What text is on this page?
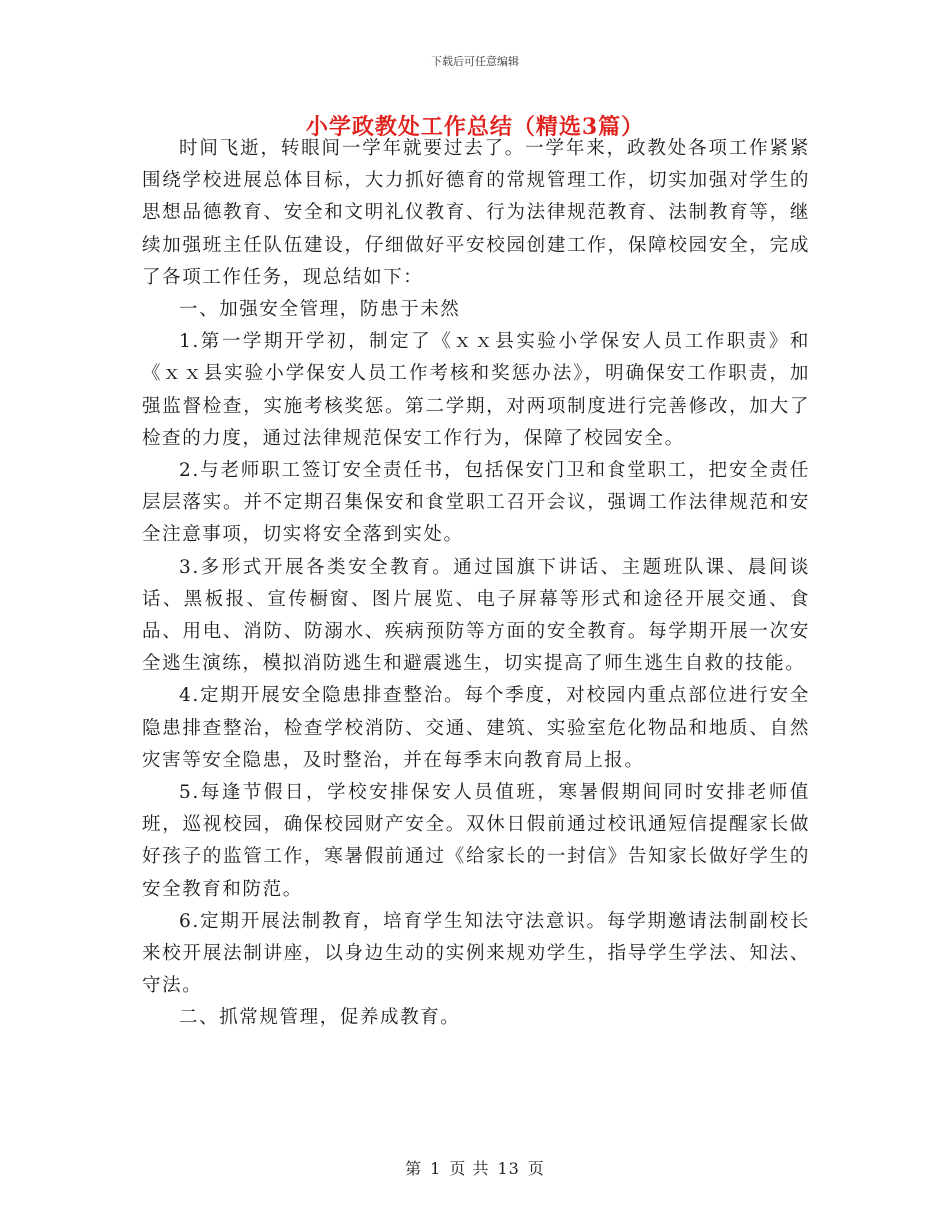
下载后可任意编辑
小学政教处工作总结（精选3篇）

时间飞逝，转眼间一学年就要过去了。一学年来，政教处各项工作紧紧围绕学校进展总体目标，大力抓好德育的常规管理工作，切实加强对学生的思想品德教育、安全和文明礼仪教育、行为法律规范教育、法制教育等，继续加强班主任队伍建设，仔细做好平安校园创建工作，保障校园安全，完成了各项工作任务，现总结如下：

一、加强安全管理，防患于未然

1.第一学期开学初，制定了《ｘｘ县实验小学保安人员工作职责》和《ｘｘ县实验小学保安人员工作考核和奖惩办法》，明确保安工作职责，加强监督检查，实施考核奖惩。第二学期，对两项制度进行完善修改，加大了检查的力度，通过法律规范保安工作行为，保障了校园安全。

2.与老师职工签订安全责任书，包括保安门卫和食堂职工，把安全责任层层落实。并不定期召集保安和食堂职工召开会议，强调工作法律规范和安全注意事项，切实将安全落到实处。

3.多形式开展各类安全教育。通过国旗下讲话、主题班队课、晨间谈话、黑板报、宣传橱窗、图片展览、电子屏幕等形式和途径开展交通、食品、用电、消防、防溺水、疾病预防等方面的安全教育。每学期开展一次安全逃生演练，模拟消防逃生和避震逃生，切实提高了师生逃生自救的技能。

4.定期开展安全隐患排查整治。每个季度，对校园内重点部位进行安全隐患排查整治，检查学校消防、交通、建筑、实验室危化物品和地质、自然灾害等安全隐患，及时整治，并在每季末向教育局上报。

5.每逢节假日，学校安排保安人员值班，寒暑假期间同时安排老师值班，巡视校园，确保校园财产安全。双休日假前通过校讯通短信提醒家长做好孩子的监管工作，寒暑假前通过《给家长的一封信》告知家长做好学生的安全教育和防范。

6.定期开展法制教育，培育学生知法守法意识。每学期邀请法制副校长来校开展法制讲座，以身边生动的实例来规劝学生，指导学生学法、知法、守法。

二、抓常规管理，促养成教育。

第 1 页 共 13 页
